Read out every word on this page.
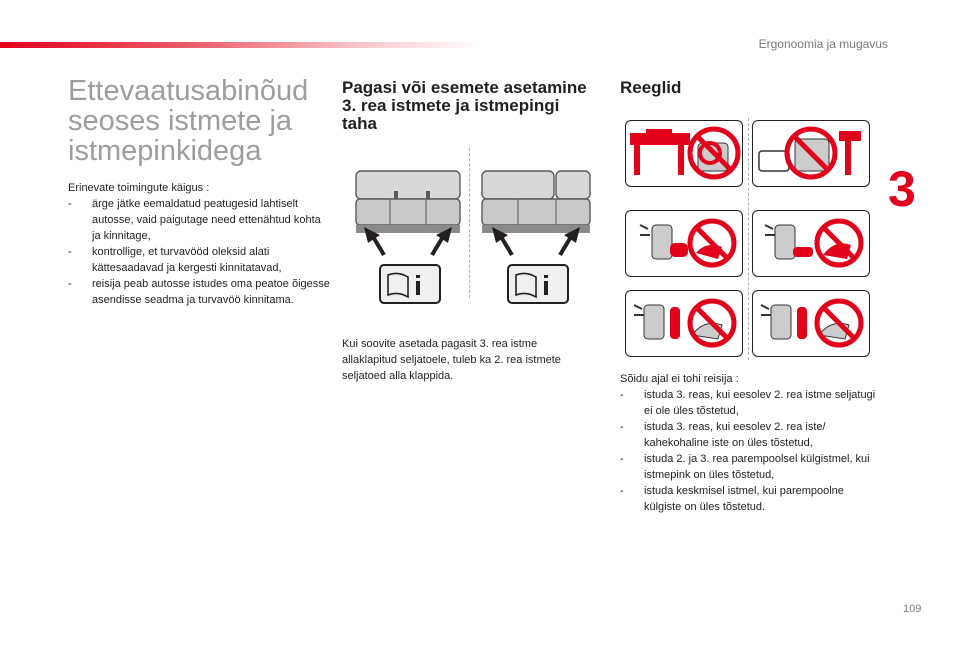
Ergonoomia ja mugavus
3
109
Ettevaatusabinõud seoses istmete ja istmepinkidega
Erinevate toimingute käigus :
- ärge jätke eemaldatud peatugesid lahtiselt autosse, vaid paigutage need ettenähtud kohta ja kinnitage,
- kontrollige, et turvavööd oleksid alati kättesaadavad ja kergesti kinnitatavad,
- reisija peab autosse istudes oma peatoe õigesse asendisse seadma ja turvavöö kinnitama.
Pagasi või esemete asetamine 3. rea istmete ja istmepingi taha

Kui soovite asetada pagasit 3. rea istme allaklapitud seljatoele, tuleb ka 2. rea istmete seljatoed alla klappida.

Reeglid
Sõidu ajal ei tohi reisija :
- istuda 3. reas, kui eesolev 2. rea istme seljatugi ei ole üles tõstetud,
- istuda 3. reas, kui eesolev 2. rea iste/ kahekohaline iste on üles tõstetud,
- istuda 2. ja 3. rea parempoolsel külgistmel, kui istmepink on üles tõstetud,
- istuda keskmisel istmel, kui parempoolne külgiste on üles tõstetud.
